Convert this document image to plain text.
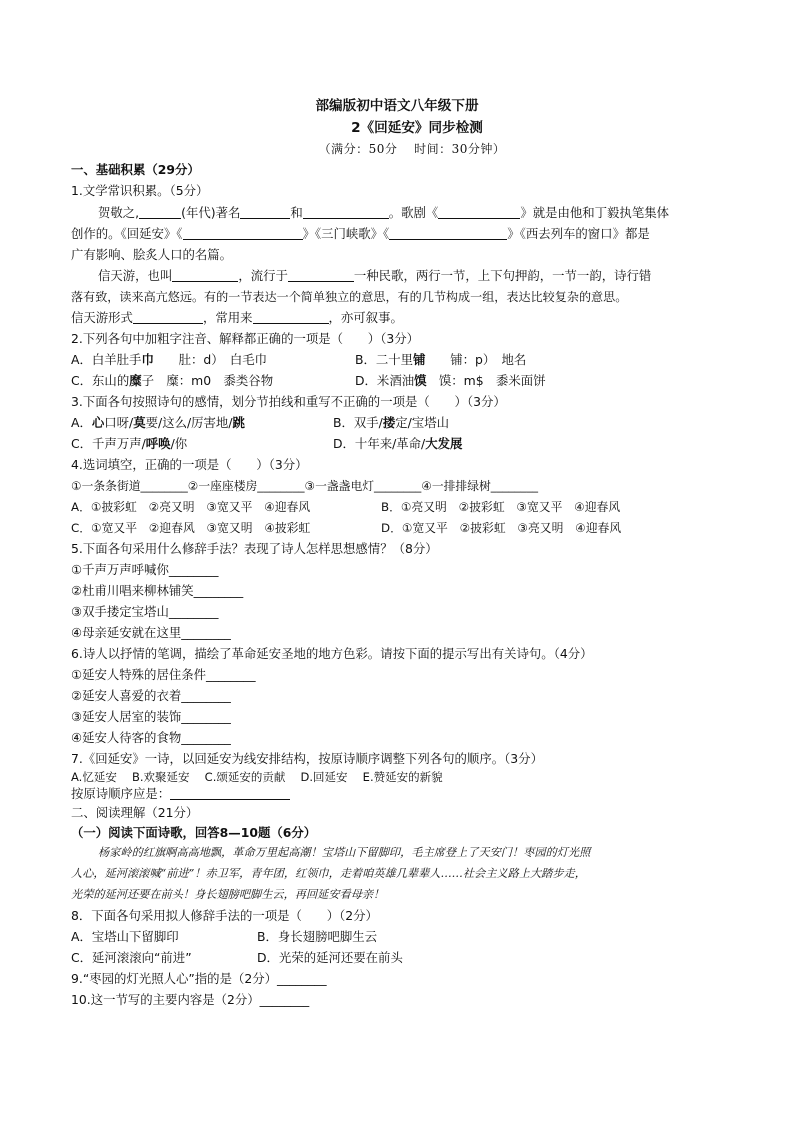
部编版初中语文八年级下册
2《回延安》同步检测
（满分：50分　 时间：30分钟）
一、基础积累（29分）
1.文学常识积累。（5分）
贺敬之,	(年代)著名	和	。歌剧《	》就是由他和丁毅执笔集体
创作的。《回延安》《	》《三门峡歌》《	》《西去列车的窗口》都是
广有影响、脍炙人口的名篇。
信天游，也叫	，流行于	一种民歌，两行一节，上下句押韵，一节一韵，诗行错
落有致，读来高亢悠远。有的一节表达一个简单独立的意思，有的几节构成一组，表达比较复杂的意思。
信天游形式	，常用来	，亦可叙事。
2.下列各句中加粗字注音、解释都正确的一项是（　　）（3分）
A．白羊肚手巾　　 肚：d）　白毛巾	B．二十里铺　　 铺：p）　地名
C．东山的糜子　 糜：m0　黍类谷物	D．米酒油馍　 馍：m$　黍米面饼
3.下面各句按照诗句的感情，划分节拍线和重写不正确的一项是（　　）（3分）
A．心口呀/莫要/这么/厉害地/跳	B．双手/搂定/宝塔山
C．千声万声/呼唤/你	D．十年来/革命/大发展
4.选词填空，正确的一项是（　　）（3分）
①一条条街道________②一座座楼房________③一盏盏电灯________④一排排绿树________
A．①披彩虹　②亮又明　③宽又平　④迎春风	B．①亮又明　②披彩虹　③宽又平　④迎春风
C．①宽又平　②迎春风　③宽又明　④披彩虹	D．①宽又平　②披彩虹　③亮又明　④迎春风
5.下面各句采用什么修辞手法？表现了诗人怎样思想感情？（8分）
①千声万声呼喊你________
②杜甫川唱来柳林铺笑________
③双手搂定宝塔山________
④母亲延安就在这里________
6.诗人以抒情的笔调，描绘了革命延安圣地的地方色彩。请按下面的提示写出有关诗句。（4分）
①延安人特殊的居住条件________
②延安人喜爱的衣着________
③延安人居室的装饰________
④延安人待客的食物________
7.《回延安》一诗，以回延安为线安排结构，按原诗顺序调整下列各句的顺序。（3分）
A.忆延安　 B.欢聚延安　 C.颂延安的贡献　 D.回延安　 E.赞延安的新貌
按原诗顺序应是：
二、阅读理解（21分）
（一）阅读下面诗歌，回答8—10题（6分）
杨家岭的红旗啊高高地飘，革命万里起高潮！宝塔山下留脚印，毛主席登上了天安门！枣园的灯光照
人心，延河滚滚喊“前进”！赤卫军，青年团，红领巾，走着咱英雄几辈辈人……社会主义路上大踏步走，
光荣的延河还要在前头！身长翅膀吧脚生云，再回延安看母亲！
8．下面各句采用拟人修辞手法的一项是（　　）（2分）
A．宝塔山下留脚印	B．身长翅膀吧脚生云
C．延河滚滚向“前进”	D．光荣的延河还要在前头
9.“枣园的灯光照人心”指的是（2分）________
10.这一节写的主要内容是（2分）________
